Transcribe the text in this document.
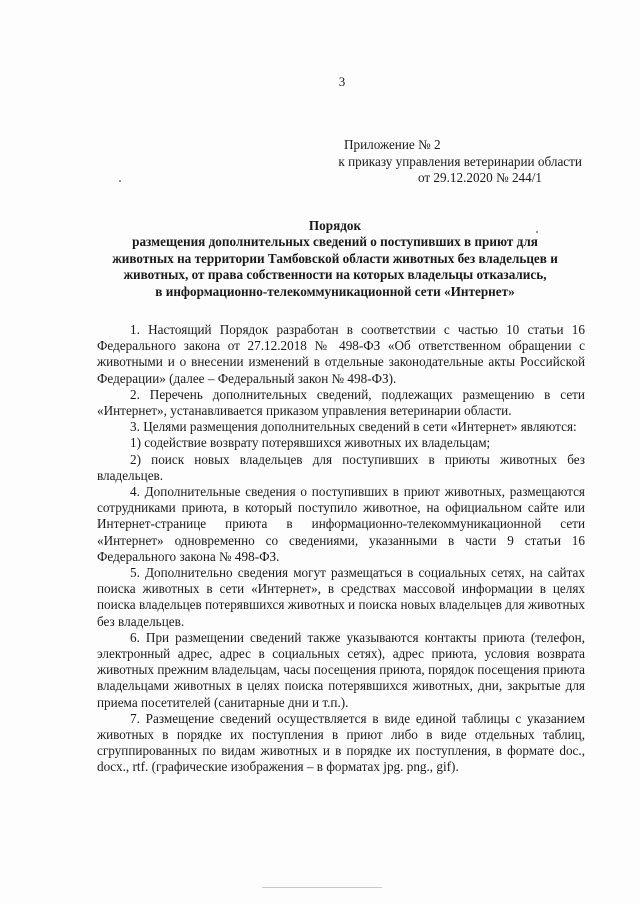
3
Приложение № 2
к приказу управления ветеринарии области
от 29.12.2020 № 244/1
Порядок
размещения дополнительных сведений о поступивших в приют для
животных на территории Тамбовской области животных без владельцев и
животных, от права собственности на которых владельцы отказались,
в информационно-телекоммуникационной сети «Интернет»

1. Настоящий Порядок разработан в соответствии с частью 10 статьи 16 Федерального закона от 27.12.2018 № 498-ФЗ «Об ответственном обращении с животными и о внесении изменений в отдельные законодательные акты Российской Федерации» (далее – Федеральный закон № 498-ФЗ).

2. Перечень дополнительных сведений, подлежащих размещению в сети «Интернет», устанавливается приказом управления ветеринарии области.

3. Целями размещения дополнительных сведений в сети «Интернет» являются:

1) содействие возврату потерявшихся животных их владельцам;

2) поиск новых владельцев для поступивших в приюты животных без владельцев.

4. Дополнительные сведения о поступивших в приют животных, размещаются сотрудниками приюта, в который поступило животное, на официальном сайте или Интернет-странице приюта в информационно-телекоммуникационной сети «Интернет» одновременно со сведениями, указанными в части 9 статьи 16 Федерального закона № 498-ФЗ.

5. Дополнительно сведения могут размещаться в социальных сетях, на сайтах поиска животных в сети «Интернет», в средствах массовой информации в целях поиска владельцев потерявшихся животных и поиска новых владельцев для животных без владельцев.

6. При размещении сведений также указываются контакты приюта (телефон, электронный адрес, адрес в социальных сетях), адрес приюта, условия возврата животных прежним владельцам, часы посещения приюта, порядок посещения приюта владельцами животных в целях поиска потерявшихся животных, дни, закрытые для приема посетителей (санитарные дни и т.п.).

7. Размещение сведений осуществляется в виде единой таблицы с указанием животных в порядке их поступления в приют либо в виде отдельных таблиц, сгруппированных по видам животных и в порядке их поступления, в формате doc., docx., rtf. (графические изображения – в форматах jpg. png., gif).
